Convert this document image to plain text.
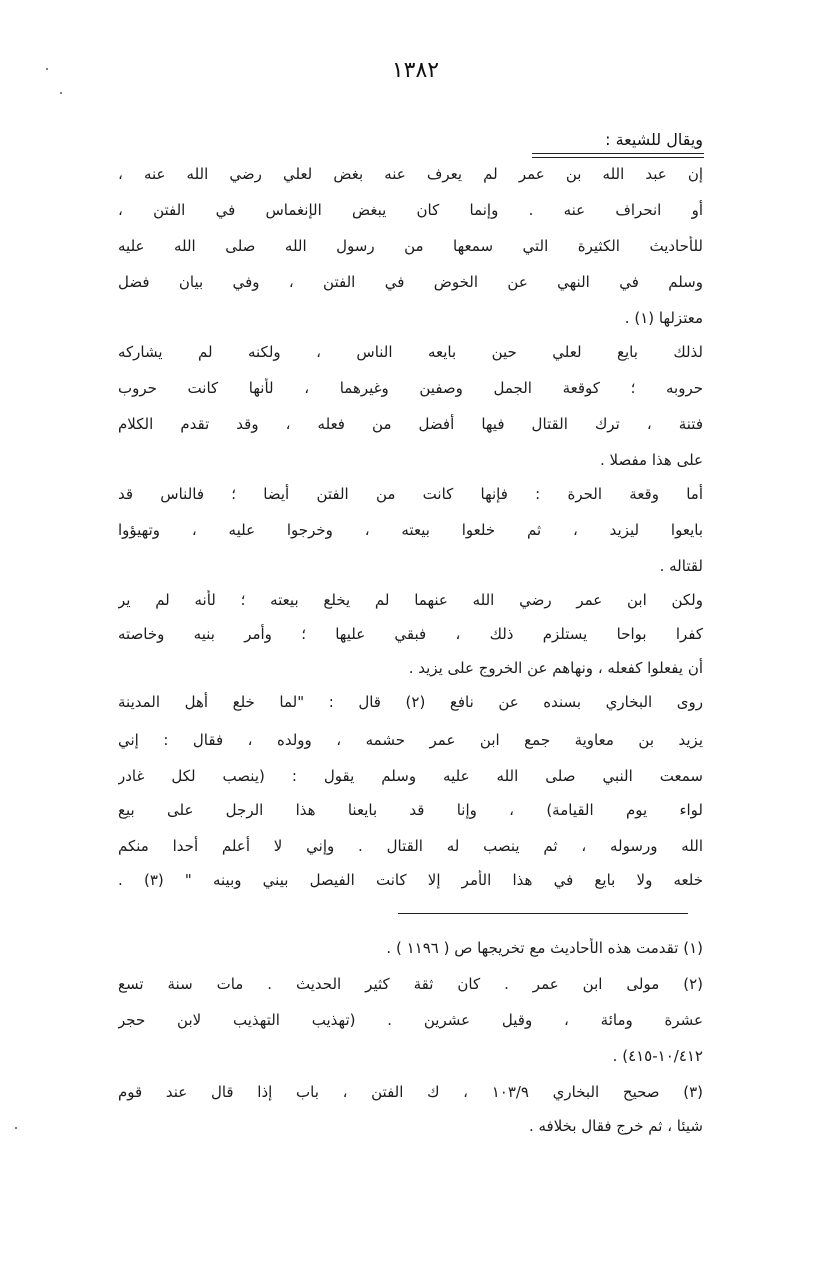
١٣٨٢
ويقال للشيعة :
إن عبد الله بن عمر لم يعرف عنه بغض لعلي رضي الله عنه ،
أو انحراف عنه . وإنما كان يبغض الإنغماس في الفتن ،
للأحاديث الكثيرة التي سمعها من رسول الله صلى الله عليه
وسلم في النهي عن الخوض في الفتن ، وفي بيان فضل
معتزلها (١) .
لذلك بايع لعلي حين بايعه الناس ، ولكنه لم يشاركه
حروبه ؛ كوقعة الجمل وصفين وغيرهما ، لأنها كانت حروب
فتنة ، ترك القتال فيها أفضل من فعله ، وقد تقدم الكلام
على هذا مفصلا .
أما وقعة الحرة : فإنها كانت من الفتن أيضا ؛ فالناس قد
بايعوا ليزيد ، ثم خلعوا بيعته ، وخرجوا عليه ، وتهيؤوا
لقتاله .
ولكن ابن عمر رضي الله عنهما لم يخلع بيعته ؛ لأنه لم ير
كفرا بواحا يستلزم ذلك ، فبقي عليها ؛ وأمر بنيه وخاصته
أن يفعلوا كفعله ، ونهاهم عن الخروج على يزيد .
روى البخاري بسنده عن نافع (٢) قال : "لما خلع أهل المدينة
يزيد بن معاوية جمع ابن عمر حشمه ، وولده ، فقال : إني
سمعت النبي صلى الله عليه وسلم يقول : (ينصب لكل غادر
لواء يوم القيامة) ، وإنا قد بايعنا هذا الرجل على بيع
الله ورسوله ، ثم ينصب له القتال . وإني لا أعلم أحدا منكم
خلعه ولا بايع في هذا الأمر إلا كانت الفيصل بيني وبينه " (٣) .
(١) تقدمت هذه الأحاديث مع تخريجها ص ( ١١٩٦ ) .
(٢) مولى ابن عمر . كان ثقة كثير الحديث . مات سنة تسع
عشرة ومائة ، وقيل عشرين . (تهذيب التهذيب لابن حجر
١٠/٤١٢-٤١٥) .
(٣) صحيح البخاري ١٠٣/٩ ، ك الفتن ، باب إذا قال عند قوم
شيئا ، ثم خرج فقال بخلافه .
